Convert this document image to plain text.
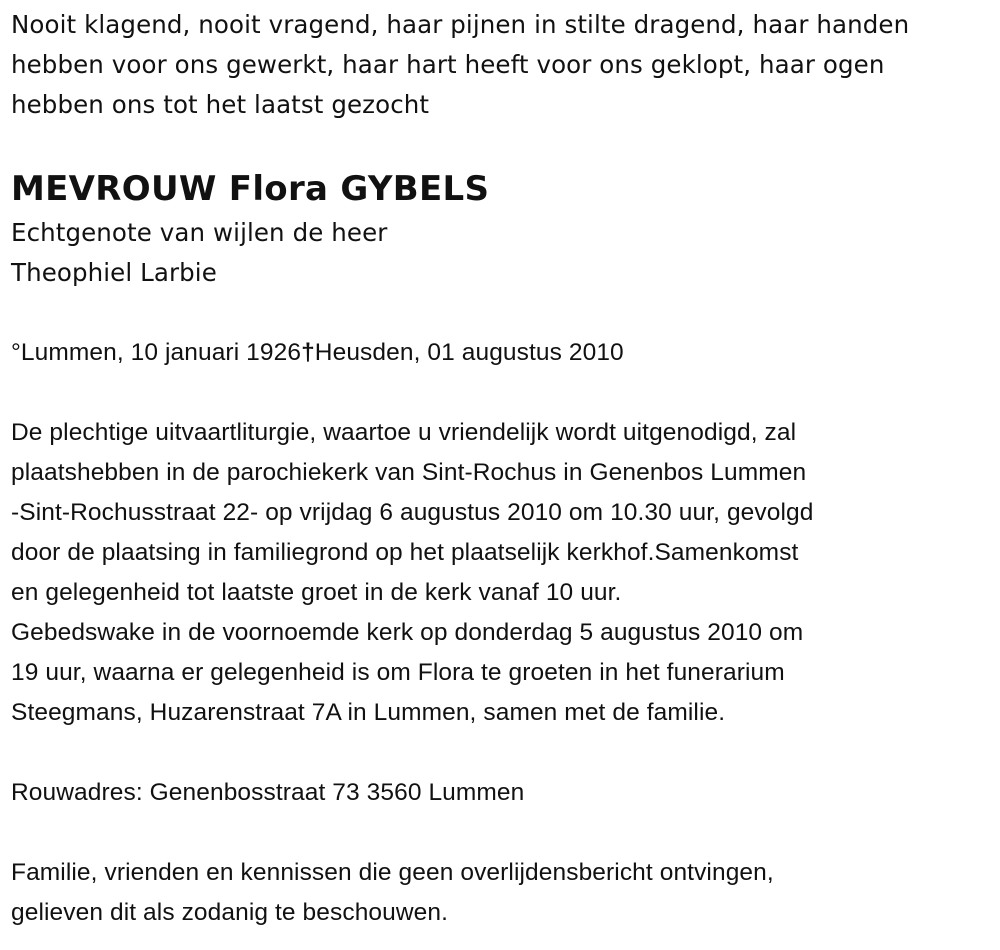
Nooit klagend, nooit vragend, haar pijnen in stilte dragend, haar handen
hebben voor ons gewerkt, haar hart heeft voor ons geklopt, haar ogen
hebben ons tot het laatst gezocht
MEVROUW Flora GYBELS
Echtgenote van wijlen de heer
Theophiel Larbie
°Lummen, 10 januari 1926†Heusden, 01 augustus 2010
De plechtige uitvaartliturgie, waartoe u vriendelijk wordt uitgenodigd, zal
plaatshebben in de parochiekerk van Sint-Rochus in Genenbos Lummen
-Sint-Rochusstraat 22- op vrijdag 6 augustus 2010 om 10.30 uur, gevolgd
door de plaatsing in familiegrond op het plaatselijk kerkhof.Samenkomst
en gelegenheid tot laatste groet in de kerk vanaf 10 uur.
Gebedswake in de voornoemde kerk op donderdag 5 augustus 2010 om
19 uur, waarna er gelegenheid is om Flora te groeten in het funerarium
Steegmans, Huzarenstraat 7A in Lummen, samen met de familie.
Rouwadres: Genenbosstraat 73 3560 Lummen
Familie, vrienden en kennissen die geen overlijdensbericht ontvingen,
gelieven dit als zodanig te beschouwen.
